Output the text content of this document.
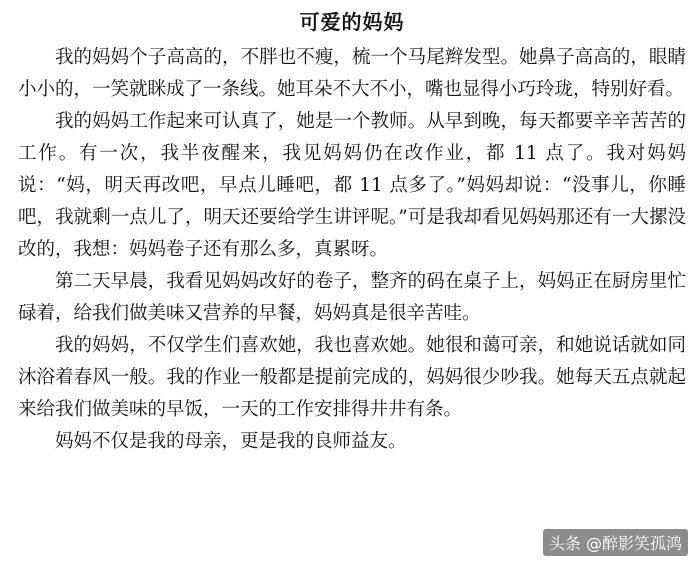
可爱的妈妈

我的妈妈个子高高的，不胖也不瘦，梳一个马尾辫发型。她鼻子高高的，眼睛小小的，一笑就眯成了一条线。她耳朵不大不小，嘴也显得小巧玲珑，特别好看。

我的妈妈工作起来可认真了，她是一个教师。从早到晚，每天都要辛辛苦苦的工作。有一次，我半夜醒来，我见妈妈仍在改作业，都 11 点了。我对妈妈说：“妈，明天再改吧，早点儿睡吧，都 11 点多了。”妈妈却说：“没事儿，你睡吧，我就剩一点儿了，明天还要给学生讲评呢。”可是我却看见妈妈那还有一大摞没改的，我想：妈妈卷子还有那么多，真累呀。

第二天早晨，我看见妈妈改好的卷子，整齐的码在桌子上，妈妈正在厨房里忙碌着，给我们做美味又营养的早餐，妈妈真是很辛苦哇。

我的妈妈，不仅学生们喜欢她，我也喜欢她。她很和蔼可亲，和她说话就如同沐浴着春风一般。我的作业一般都是提前完成的，妈妈很少吵我。她每天五点就起来给我们做美味的早饭，一天的工作安排得井井有条。

妈妈不仅是我的母亲，更是我的良师益友。

头条 @醉影笑孤鸿
